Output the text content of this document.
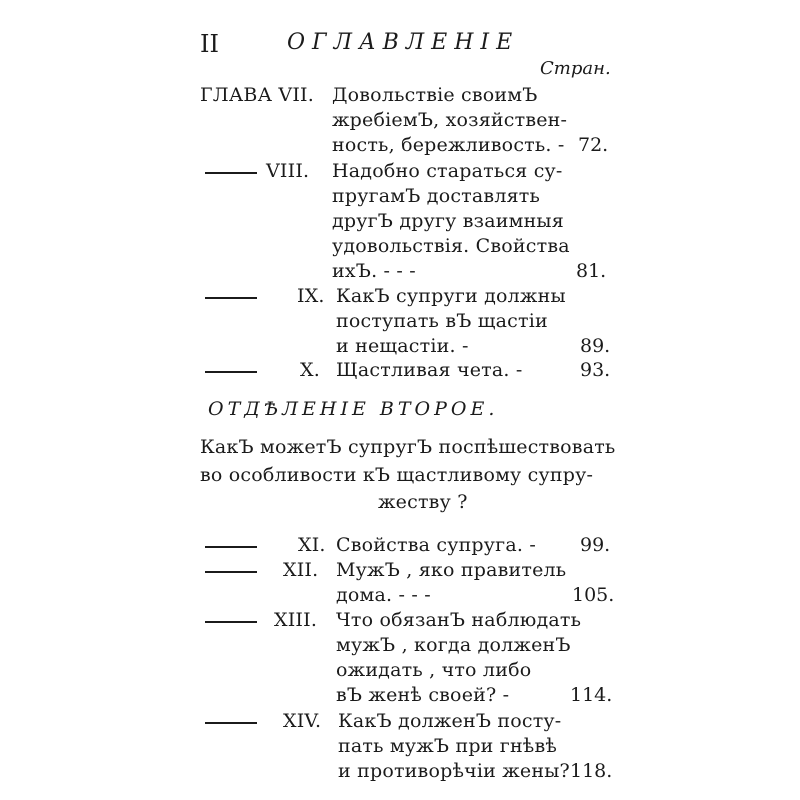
II	ОГЛАВЛЕНІЕ
Стран.
ГЛАВА VII. Довольствіе своимЪ
жребіемЪ, хозяйствен-
ность, бережливость. - 72.
VIII. Надобно стараться су-
пругамЪ доставлять
другЪ другу взаимныя
удовольствія. Свойства
ихЪ. - - -	81.
IX. КакЪ супруги должны
поступать вЪ щастіи
и нещастіи. -	89.
X. Щастливая чета. -	93.
ОТДѢЛЕНІЕ ВТОРОЕ.
КакЪ можетЪ супругЪ поспѣшествовать
во особливости кЪ щастливому супру-
жеству ?
XI. Свойства супруга. - 99.
XII. МужЪ , яко правитель
дома. - - -	105.
XIII. Что обязанЪ наблюдать
мужЪ , когда долженЪ
ожидать , что либо
вЪ женѣ своей? -	114.
XIV. КакЪ долженЪ посту-
пать мужЪ при гнѣвѣ
и противорѣчіи жены? 118.
